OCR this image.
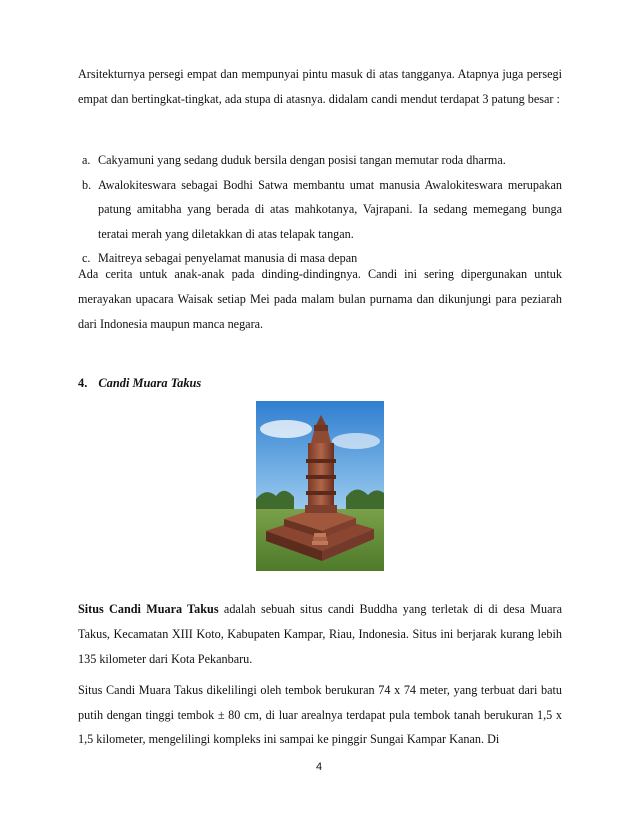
Arsitekturnya persegi empat dan mempunyai pintu masuk di atas tangganya. Atapnya juga persegi empat dan bertingkat-tingkat, ada stupa di atasnya. didalam candi mendut terdapat 3 patung besar :

a. Cakyamuni yang sedang duduk bersila dengan posisi tangan memutar roda dharma.
b. Awalokiteswara sebagai Bodhi Satwa membantu umat manusia Awalokiteswara merupakan patung amitabha yang berada di atas mahkotanya, Vajrapani. Ia sedang memegang bunga teratai merah yang diletakkan di atas telapak tangan.
c. Maitreya sebagai penyelamat manusia di masa depan

Ada cerita untuk anak-anak pada dinding-dindingnya. Candi ini sering dipergunakan untuk merayakan upacara Waisak setiap Mei pada malam bulan purnama dan dikunjungi para peziarah dari Indonesia maupun manca negara.

4. Candi Muara Takus

Situs Candi Muara Takus adalah sebuah situs candi Buddha yang terletak di di desa Muara Takus, Kecamatan XIII Koto, Kabupaten Kampar, Riau, Indonesia. Situs ini berjarak kurang lebih 135 kilometer dari Kota Pekanbaru.

Situs Candi Muara Takus dikelilingi oleh tembok berukuran 74 x 74 meter, yang terbuat dari batu putih dengan tinggi tembok ± 80 cm, di luar arealnya terdapat pula tembok tanah berukuran 1,5 x 1,5 kilometer, mengelilingi kompleks ini sampai ke pinggir Sungai Kampar Kanan. Di

4
